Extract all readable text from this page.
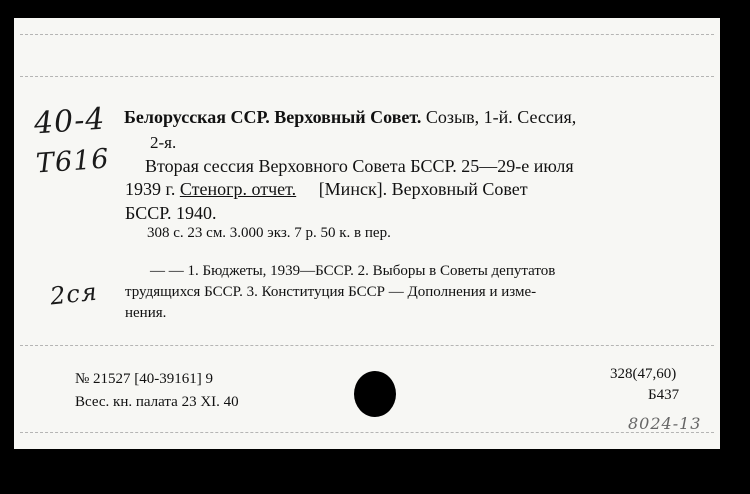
40-4
T616
2ся
Белорусская ССР. Верховный Совет. Созыв, 1-й. Сессия,
2-я.
Вторая сессия Верховного Совета БССР. 25—29-е июля
1939 г. Стеногр. отчет.     [Минск]. Верховный Совет
БССР. 1940.
308 с. 23 см. 3.000 экз. 7 р. 50 к. в пер.
— — 1. Бюджеты, 1939—БССР. 2. Выборы в Советы депутатов
трудящихся БССР. 3. Конституция БССР — Дополнения и изме-
нения.
№ 21527 [40-39161] 9
Всес. кн. палата 23 XI. 40
328(47,60)
Б437
8024-13
